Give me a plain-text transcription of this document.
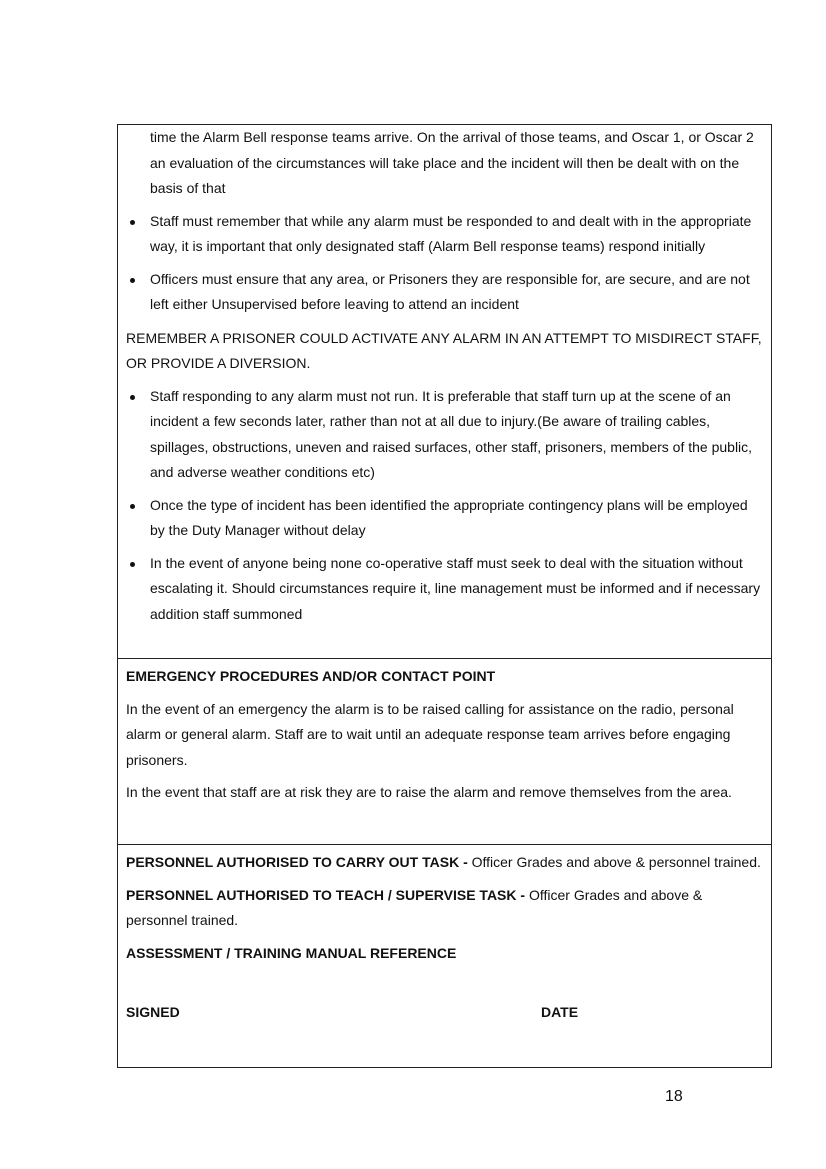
time the Alarm Bell response teams arrive. On the arrival of those teams, and Oscar 1, or Oscar 2 an evaluation of the circumstances will take place and the incident will then be dealt with on the basis of that

Staff must remember that while any alarm must be responded to and dealt with in the appropriate way, it is important that only designated staff (Alarm Bell response teams) respond initially

Officers must ensure that any area, or Prisoners they are responsible for, are secure, and are not left either Unsupervised before leaving to attend an incident

REMEMBER A PRISONER COULD ACTIVATE ANY ALARM IN AN ATTEMPT TO MISDIRECT STAFF, OR PROVIDE A DIVERSION.

Staff responding to any alarm must not run. It is preferable that staff turn up at the scene of an incident a few seconds later, rather than not at all due to injury.(Be aware of trailing cables, spillages, obstructions, uneven and raised surfaces, other staff, prisoners, members of the public, and adverse weather conditions etc)

Once the type of incident has been identified the appropriate contingency plans will be employed by the Duty Manager without delay

In the event of anyone being none co-operative staff must seek to deal with the situation without escalating it. Should circumstances require it, line management must be informed and if necessary addition staff summoned

EMERGENCY PROCEDURES AND/OR CONTACT POINT

In the event of an emergency the alarm is to be raised calling for assistance on the radio, personal alarm or general alarm. Staff are to wait until an adequate response team arrives before engaging prisoners.

In the event that staff are at risk they are to raise the alarm and remove themselves from the area.

PERSONNEL AUTHORISED TO CARRY OUT TASK - Officer Grades and above & personnel trained.

PERSONNEL AUTHORISED TO TEACH / SUPERVISE TASK - Officer Grades and above & personnel trained.

ASSESSMENT / TRAINING MANUAL REFERENCE

SIGNED	DATE
18
